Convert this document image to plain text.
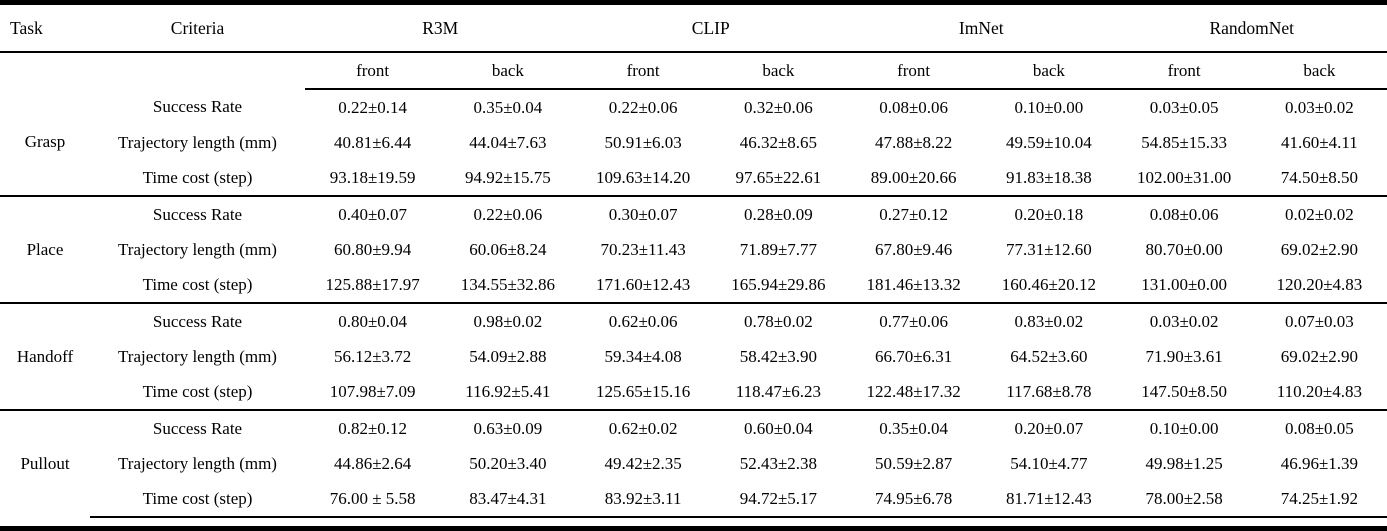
Task	Criteria	R3M		CLIP		ImNet		RandomNet	
		front	back	front	back	front	back	front	back
Grasp	Success Rate	0.22±0.14	0.35±0.04	0.22±0.06	0.32±0.06	0.08±0.06	0.10±0.00	0.03±0.05	0.03±0.02
	Trajectory length (mm)	40.81±6.44	44.04±7.63	50.91±6.03	46.32±8.65	47.88±8.22	49.59±10.04	54.85±15.33	41.60±4.11
	Time cost (step)	93.18±19.59	94.92±15.75	109.63±14.20	97.65±22.61	89.00±20.66	91.83±18.38	102.00±31.00	74.50±8.50
Place	Success Rate	0.40±0.07	0.22±0.06	0.30±0.07	0.28±0.09	0.27±0.12	0.20±0.18	0.08±0.06	0.02±0.02
	Trajectory length (mm)	60.80±9.94	60.06±8.24	70.23±11.43	71.89±7.77	67.80±9.46	77.31±12.60	80.70±0.00	69.02±2.90
	Time cost (step)	125.88±17.97	134.55±32.86	171.60±12.43	165.94±29.86	181.46±13.32	160.46±20.12	131.00±0.00	120.20±4.83
Handoff	Success Rate	0.80±0.04	0.98±0.02	0.62±0.06	0.78±0.02	0.77±0.06	0.83±0.02	0.03±0.02	0.07±0.03
	Trajectory length (mm)	56.12±3.72	54.09±2.88	59.34±4.08	58.42±3.90	66.70±6.31	64.52±3.60	71.90±3.61	69.02±2.90
	Time cost (step)	107.98±7.09	116.92±5.41	125.65±15.16	118.47±6.23	122.48±17.32	117.68±8.78	147.50±8.50	110.20±4.83
Pullout	Success Rate	0.82±0.12	0.63±0.09	0.62±0.02	0.60±0.04	0.35±0.04	0.20±0.07	0.10±0.00	0.08±0.05
	Trajectory length (mm)	44.86±2.64	50.20±3.40	49.42±2.35	52.43±2.38	50.59±2.87	54.10±4.77	49.98±1.25	46.96±1.39
	Time cost (step)	76.00 ± 5.58	83.47±4.31	83.92±3.11	94.72±5.17	74.95±6.78	81.71±12.43	78.00±2.58	74.25±1.92
